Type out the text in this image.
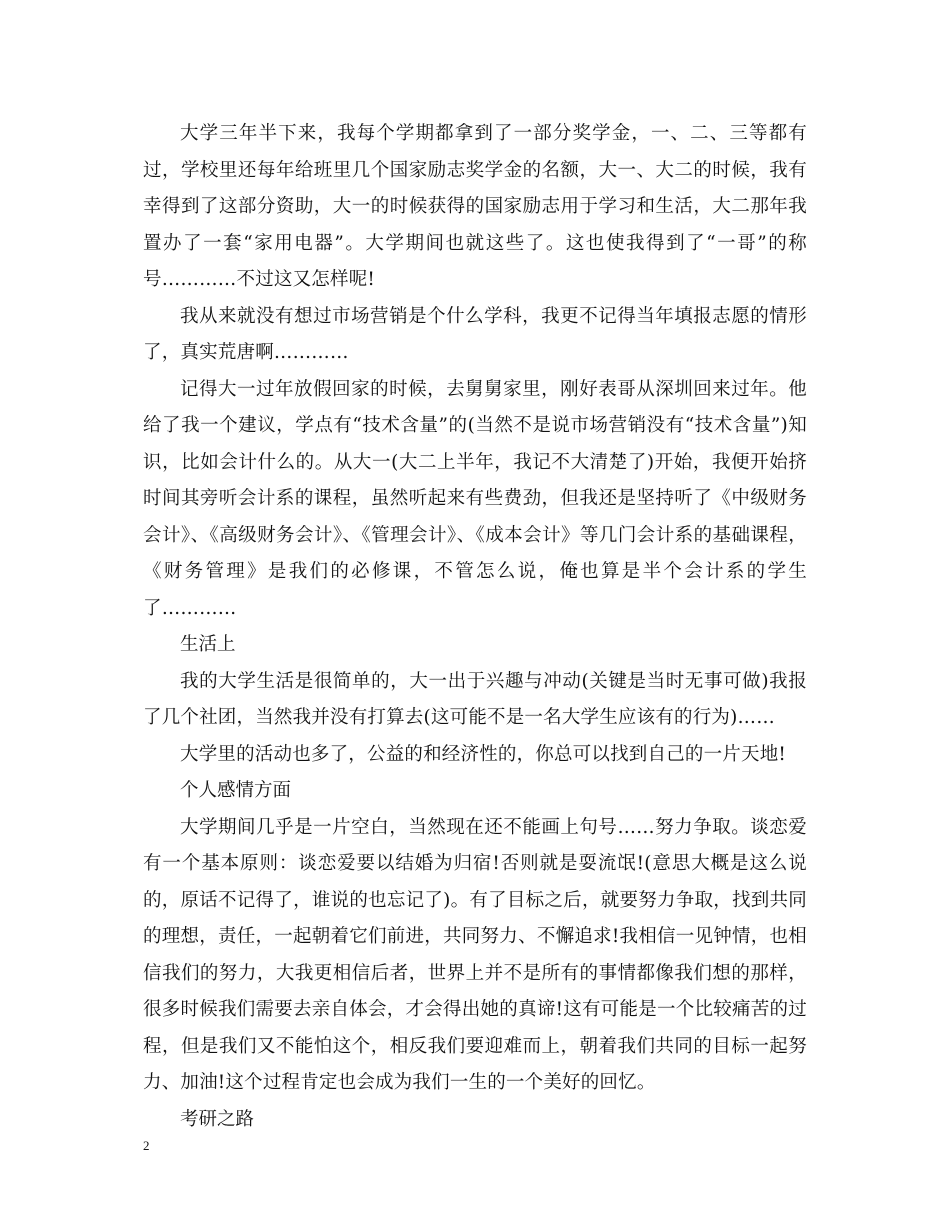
大学三年半下来，我每个学期都拿到了一部分奖学金，一、二、三等都有过，学校里还每年给班里几个国家励志奖学金的名额，大一、大二的时候，我有幸得到了这部分资助，大一的时候获得的国家励志用于学习和生活，大二那年我置办了一套“家用电器”。大学期间也就这些了。这也使我得到了“一哥”的称号…………不过这又怎样呢!

我从来就没有想过市场营销是个什么学科，我更不记得当年填报志愿的情形了，真实荒唐啊…………

记得大一过年放假回家的时候，去舅舅家里，刚好表哥从深圳回来过年。他给了我一个建议，学点有“技术含量”的(当然不是说市场营销没有“技术含量”)知识，比如会计什么的。从大一(大二上半年，我记不大清楚了)开始，我便开始挤时间其旁听会计系的课程，虽然听起来有些费劲，但我还是坚持听了《中级财务会计》、《高级财务会计》、《管理会计》、《成本会计》等几门会计系的基础课程，《财务管理》是我们的必修课，不管怎么说，俺也算是半个会计系的学生了…………

生活上

我的大学生活是很简单的，大一出于兴趣与冲动(关键是当时无事可做)我报了几个社团，当然我并没有打算去(这可能不是一名大学生应该有的行为)……

大学里的活动也多了，公益的和经济性的，你总可以找到自己的一片天地!

个人感情方面

大学期间几乎是一片空白，当然现在还不能画上句号……努力争取。谈恋爱有一个基本原则：谈恋爱要以结婚为归宿!否则就是耍流氓!(意思大概是这么说的，原话不记得了，谁说的也忘记了)。有了目标之后，就要努力争取，找到共同的理想，责任，一起朝着它们前进，共同努力、不懈追求!我相信一见钟情，也相信我们的努力，大我更相信后者，世界上并不是所有的事情都像我们想的那样，很多时候我们需要去亲自体会，才会得出她的真谛!这有可能是一个比较痛苦的过程，但是我们又不能怕这个，相反我们要迎难而上，朝着我们共同的目标一起努力、加油!这个过程肯定也会成为我们一生的一个美好的回忆。

考研之路

2
